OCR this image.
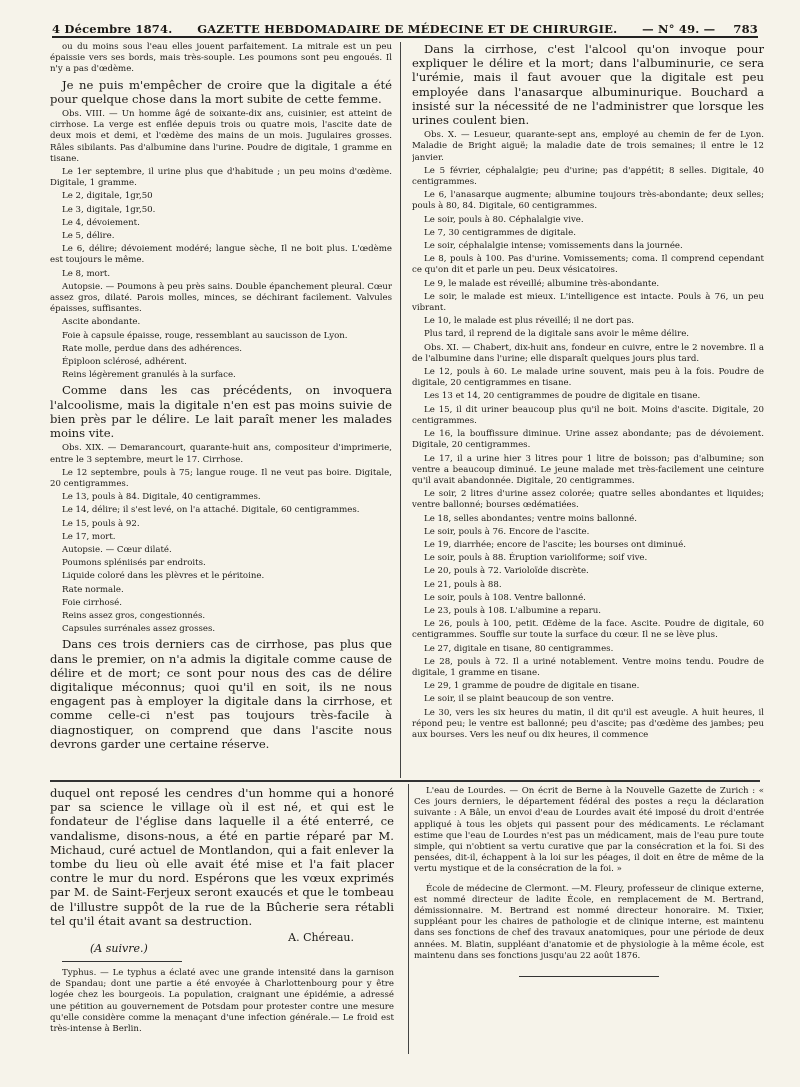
4 Décembre 1874. GAZETTE HEBDOMADAIRE DE MÉDECINE ET DE CHIRURGIE. — N° 49. — 783

ou du moins sous l'eau elles jouent parfaitement. La mitrale est un peu épaissie vers ses bords, mais très-souple. Les poumons sont peu engoués. Il n'y a pas d'œdème.

Je ne puis m'empêcher de croire que la digitale a été pour quelque chose dans la mort subite de cette femme.

Obs. VIII. — Un homme âgé de soixante-dix ans, cuisinier, est atteint de cirrhose. La verge est enflée depuis trois ou quatre mois, l'ascite date de deux mois et demi, et l'œdème des mains de un mois. Jugulaires grosses. Râles sibilants. Pas d'albumine dans l'urine. Poudre de digitale, 1 gramme en tisane.

Le 1er septembre, il urine plus que d'habitude ; un peu moins d'œdème. Digitale, 1 gramme.

Le 2, digitale, 1gr,50

Le 3, digitale, 1gr,50.

Le 4, dévoiement.

Le 5, délire.

Le 6, délire; dévoiement modéré; langue sèche, Il ne boit plus. L'œdème est toujours le même.

Le 8, mort.

Autopsie. — Poumons à peu près sains. Double épanchement pleural. Cœur assez gros, dilaté. Parois molles, minces, se déchirant facilement. Valvules épaisses, suffisantes.

Ascite abondante.

Foie à capsule épaisse, rouge, ressemblant au saucisson de Lyon.

Rate molle, perdue dans des adhérences.

Épiploon sclérosé, adhérent.

Reins légèrement granulés à la surface.

Comme dans les cas précédents, on invoquera l'alcoolisme, mais la digitale n'en est pas moins suivie de bien près par le délire. Le lait paraît mener les malades moins vite.

Obs. XIX. — Demarancourt, quarante-huit ans, compositeur d'imprimerie, entre le 3 septembre, meurt le 17. Cirrhose.

Le 12 septembre, pouls à 75; langue rouge. Il ne veut pas boire. Digitale, 20 centigrammes.

Le 13, pouls à 84. Digitale, 40 centigrammes.

Le 14, délire; il s'est levé, on l'a attaché. Digitale, 60 centigrammes.

Le 15, pouls à 92.

Le 17, mort.

Autopsie. — Cœur dilaté.

Poumons spléniisés par endroits.

Liquide coloré dans les plèvres et le péritoine.

Rate normale.

Foie cirrhosé.

Reins assez gros, congestionnés.

Capsules surrénales assez grosses.

Dans ces trois derniers cas de cirrhose, pas plus que dans le premier, on n'a admis la digitale comme cause de délire et de mort; ce sont pour nous des cas de délire digitalique méconnus; quoi qu'il en soit, ils ne nous engagent pas à employer la digitale dans la cirrhose, et comme celle-ci n'est pas toujours très-facile à diagnostiquer, on comprend que dans l'ascite nous devrons garder une certaine réserve.

Dans la cirrhose, c'est l'alcool qu'on invoque pour expliquer le délire et la mort; dans l'albuminurie, ce sera l'urémie, mais il faut avouer que la digitale est peu employée dans l'anasarque albuminurique. Bouchard a insisté sur la nécessité de ne l'administrer que lorsque les urines coulent bien.

Obs. X. — Lesueur, quarante-sept ans, employé au chemin de fer de Lyon. Maladie de Bright aiguë; la maladie date de trois semaines; il entre le 12 janvier.

Le 5 février, céphalalgie; peu d'urine; pas d'appétit; 8 selles. Digitale, 40 centigrammes.

Le 6, l'anasarque augmente; albumine toujours très-abondante; deux selles; pouls à 80, 84. Digitale, 60 centigrammes.

Le soir, pouls à 80. Céphalalgie vive.

Le 7, 30 centigrammes de digitale.

Le soir, céphalalgie intense; vomissements dans la journée.

Le 8, pouls à 100. Pas d'urine. Vomissements; coma. Il comprend cependant ce qu'on dit et parle un peu. Deux vésicatoires.

Le 9, le malade est réveillé; albumine très-abondante.

Le soir, le malade est mieux. L'intelligence est intacte. Pouls à 76, un peu vibrant.

Le 10, le malade est plus réveillé; il ne dort pas.

Plus tard, il reprend de la digitale sans avoir le même délire.

Obs. XI. — Chabert, dix-huit ans, fondeur en cuivre, entre le 2 novembre. Il a de l'albumine dans l'urine; elle disparaît quelques jours plus tard.

Le 12, pouls à 60. Le malade urine souvent, mais peu à la fois. Poudre de digitale, 20 centigrammes en tisane.

Les 13 et 14, 20 centigrammes de poudre de digitale en tisane.

Le 15, il dit uriner beaucoup plus qu'il ne boit. Moins d'ascite. Digitale, 20 centigrammes.

Le 16, la bouffissure diminue. Urine assez abondante; pas de dévoiement. Digitale, 20 centigrammes.

Le 17, il a urine hier 3 litres pour 1 litre de boisson; pas d'albumine; son ventre a beaucoup diminué. Le jeune malade met très-facilement une ceinture qu'il avait abandonnée. Digitale, 20 centigrammes.

Le soir, 2 litres d'urine assez colorée; quatre selles abondantes et liquides; ventre ballonné; bourses œdématiées.

Le 18, selles abondantes; ventre moins ballonné.

Le soir, pouls à 76. Encore de l'ascite.

Le 19, diarrhée; encore de l'ascite; les bourses ont diminué.

Le soir, pouls à 88. Éruption varioliforme; soif vive.

Le 20, pouls à 72. Varioloïde discrète.

Le 21, pouls à 88.

Le soir, pouls à 108. Ventre ballonné.

Le 23, pouls à 108. L'albumine a reparu.

Le 26, pouls à 100, petit. Œdème de la face. Ascite. Poudre de digitale, 60 centigrammes. Souffle sur toute la surface du cœur. Il ne se lève plus.

Le 27, digitale en tisane, 80 centigrammes.

Le 28, pouls à 72. Il a uriné notablement. Ventre moins tendu. Poudre de digitale, 1 gramme en tisane.

Le 29, 1 gramme de poudre de digitale en tisane.

Le soir, il se plaint beaucoup de son ventre.

Le 30, vers les six heures du matin, il dit qu'il est aveugle. A huit heures, il répond peu; le ventre est ballonné; peu d'ascite; pas d'œdème des jambes; peu aux bourses. Vers les neuf ou dix heures, il commence

duquel ont reposé les cendres d'un homme qui a honoré par sa science le village où il est né, et qui est le fondateur de l'église dans laquelle il a été enterré, ce vandalisme, disons-nous, a été en partie réparé par M. Michaud, curé actuel de Montlandon, qui a fait enlever la tombe du lieu où elle avait été mise et l'a fait placer contre le mur du nord. Espérons que les vœux exprimés par M. de Saint-Ferjeux seront exaucés et que le tombeau de l'illustre suppôt de la rue de la Bûcherie sera rétabli tel qu'il était avant sa destruction.

A. Chéreau.
(A suivre.)

Typhus. — Le typhus a éclaté avec une grande intensité dans la garnison de Spandau; dont une partie a été envoyée à Charlottenbourg pour y être logée chez les bourgeois. La population, craignant une épidémie, a adressé une pétition au gouvernement de Potsdam pour protester contre une mesure qu'elle considère comme la menaçant d'une infection générale.— Le froid est très-intense à Berlin.

L'eau de Lourdes. — On écrit de Berne à la Nouvelle Gazette de Zurich : « Ces jours derniers, le département fédéral des postes a reçu la déclaration suivante : A Bâle, un envoi d'eau de Lourdes avait été imposé du droit d'entrée appliqué à tous les objets qui passent pour des médicaments. Le réclamant estime que l'eau de Lourdes n'est pas un médicament, mais de l'eau pure toute simple, qui n'obtient sa vertu curative que par la consécration et la foi. Si des pensées, dit-il, échappent à la loi sur les péages, il doit en être de même de la vertu mystique et de la consécration de la foi. »

École de médecine de Clermont. —M. Fleury, professeur de clinique externe, est nommé directeur de ladite École, en remplacement de M. Bertrand, démissionnaire. M. Bertrand est nommé directeur honoraire. M. Tixier, suppléant pour les chaires de pathologie et de clinique interne, est maintenu dans ses fonctions de chef des travaux anatomiques, pour une période de deux années. M. Blatin, suppléant d'anatomie et de physiologie à la même école, est maintenu dans ses fonctions jusqu'au 22 août 1876.
